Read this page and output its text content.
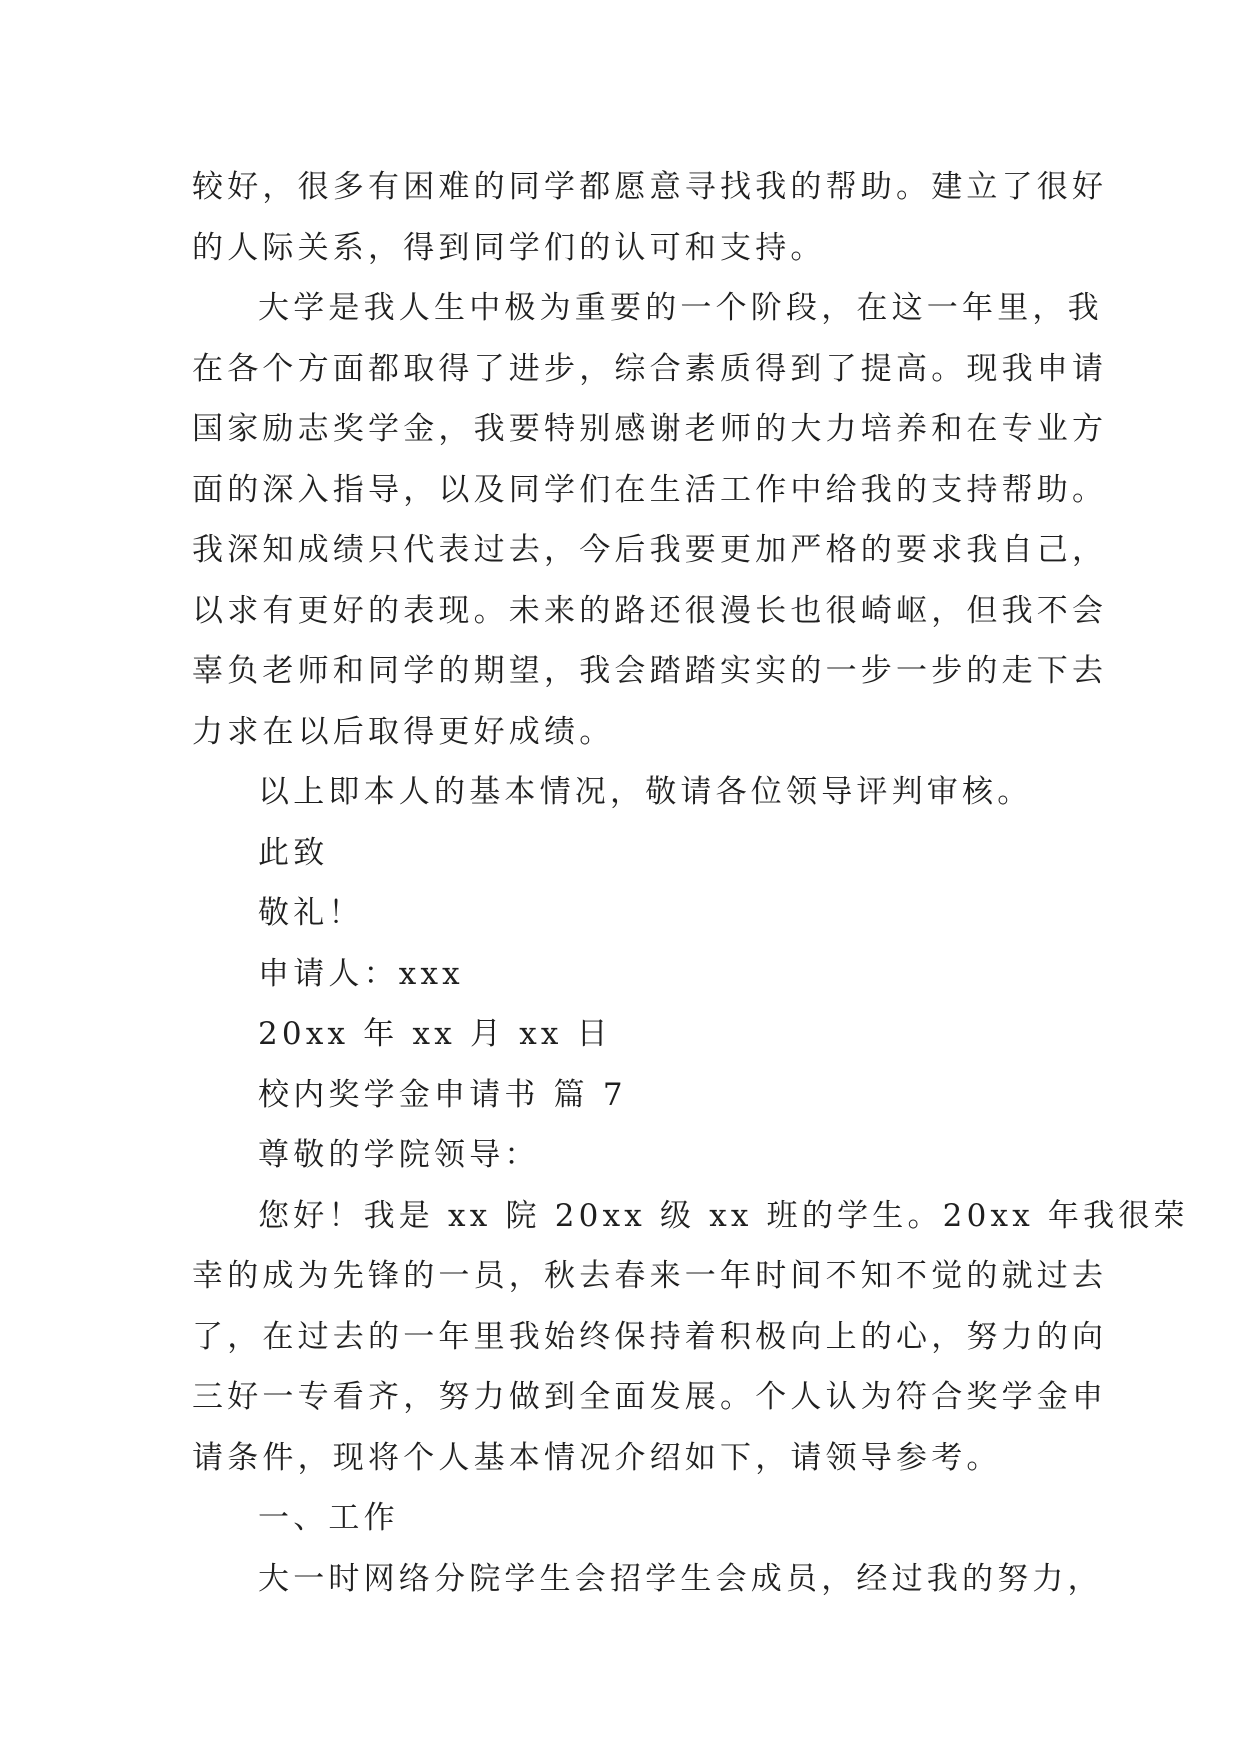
较好，很多有困难的同学都愿意寻找我的帮助。建立了很好

的人际关系，得到同学们的认可和支持。

大学是我人生中极为重要的一个阶段，在这一年里，我

在各个方面都取得了进步，综合素质得到了提高。现我申请

国家励志奖学金，我要特别感谢老师的大力培养和在专业方

面的深入指导，以及同学们在生活工作中给我的支持帮助。

我深知成绩只代表过去，今后我要更加严格的要求我自己，

以求有更好的表现。未来的路还很漫长也很崎岖，但我不会

辜负老师和同学的期望，我会踏踏实实的一步一步的走下去

力求在以后取得更好成绩。

以上即本人的基本情况，敬请各位领导评判审核。

此致

敬礼！

申请人：xxx

20xx 年 xx 月 xx 日

校内奖学金申请书 篇 7

尊敬的学院领导：

您好！我是 xx 院 20xx 级 xx 班的学生。20xx 年我很荣

幸的成为先锋的一员，秋去春来一年时间不知不觉的就过去

了，在过去的一年里我始终保持着积极向上的心，努力的向

三好一专看齐，努力做到全面发展。个人认为符合奖学金申

请条件，现将个人基本情况介绍如下，请领导参考。

一、工作

大一时网络分院学生会招学生会成员，经过我的努力，
